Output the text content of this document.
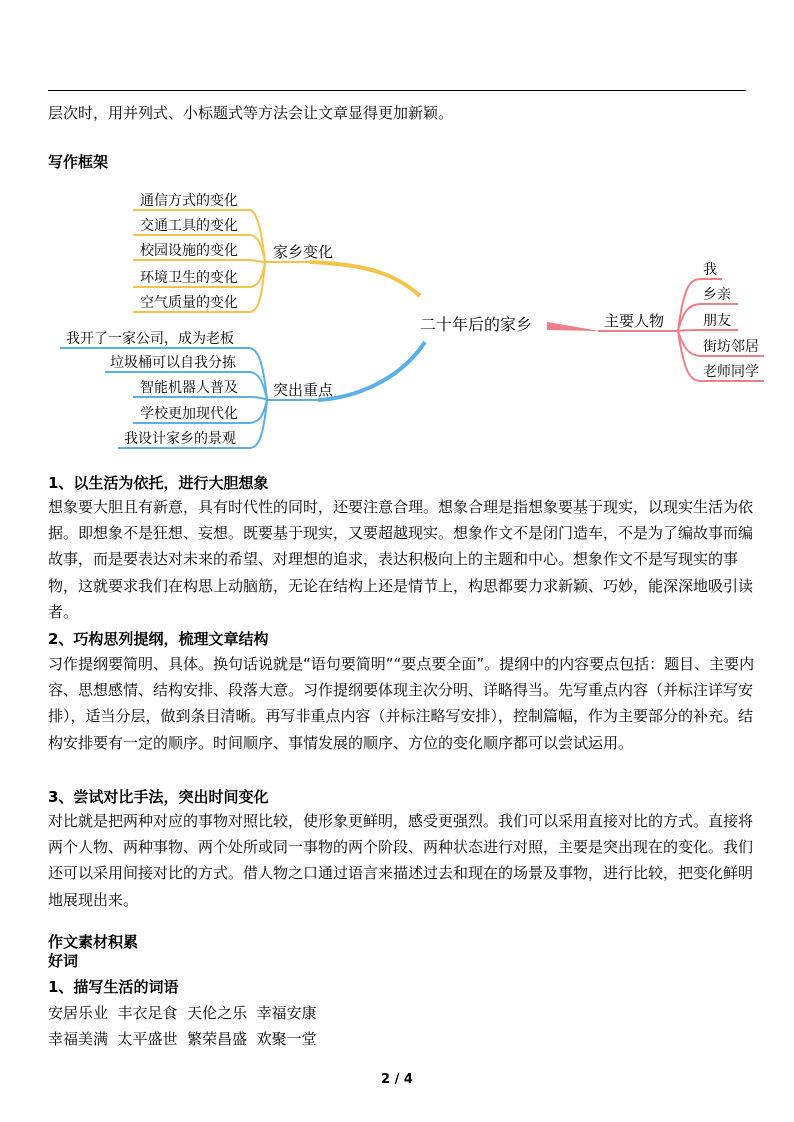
层次时，用并列式、小标题式等方法会让文章显得更加新颖。
写作框架
二十年后的家乡
家乡变化
突出重点
主要人物
通信方式的变化
交通工具的变化
校园设施的变化
环境卫生的变化
空气质量的变化
我开了一家公司，成为老板
垃圾桶可以自我分拣
智能机器人普及
学校更加现代化
我设计家乡的景观
我
乡亲
朋友
街坊邻居
老师同学
1、以生活为依托，进行大胆想象

想象要大胆且有新意，具有时代性的同时，还要注意合理。想象合理是指想象要基于现实，以现实生活为依据。即想象不是狂想、妄想。既要基于现实，又要超越现实。想象作文不是闭门造车，不是为了编故事而编故事，而是要表达对未来的希望、对理想的追求，表达积极向上的主题和中心。想象作文不是写现实的事物，这就要求我们在构思上动脑筋，无论在结构上还是情节上，构思都要力求新颖、巧妙，能深深地吸引读者。

2、巧构思列提纲，梳理文章结构

习作提纲要简明、具体。换句话说就是“语句要简明”“要点要全面”。提纲中的内容要点包括：题目、主要内容、思想感情、结构安排、段落大意。习作提纲要体现主次分明、详略得当。先写重点内容（并标注详写安排），适当分层，做到条目清晰。再写非重点内容（并标注略写安排），控制篇幅，作为主要部分的补充。结构安排要有一定的顺序。时间顺序、事情发展的顺序、方位的变化顺序都可以尝试运用。

3、尝试对比手法，突出时间变化

对比就是把两种对应的事物对照比较，使形象更鲜明，感受更强烈。我们可以采用直接对比的方式。直接将两个人物、两种事物、两个处所或同一事物的两个阶段、两种状态进行对照，主要是突出现在的变化。我们还可以采用间接对比的方式。借人物之口通过语言来描述过去和现在的场景及事物，进行比较，把变化鲜明地展现出来。

作文素材积累
好词
1、描写生活的词语
安居乐业  丰衣足食  天伦之乐  幸福安康
幸福美满  太平盛世  繁荣昌盛  欢聚一堂
2 / 4
